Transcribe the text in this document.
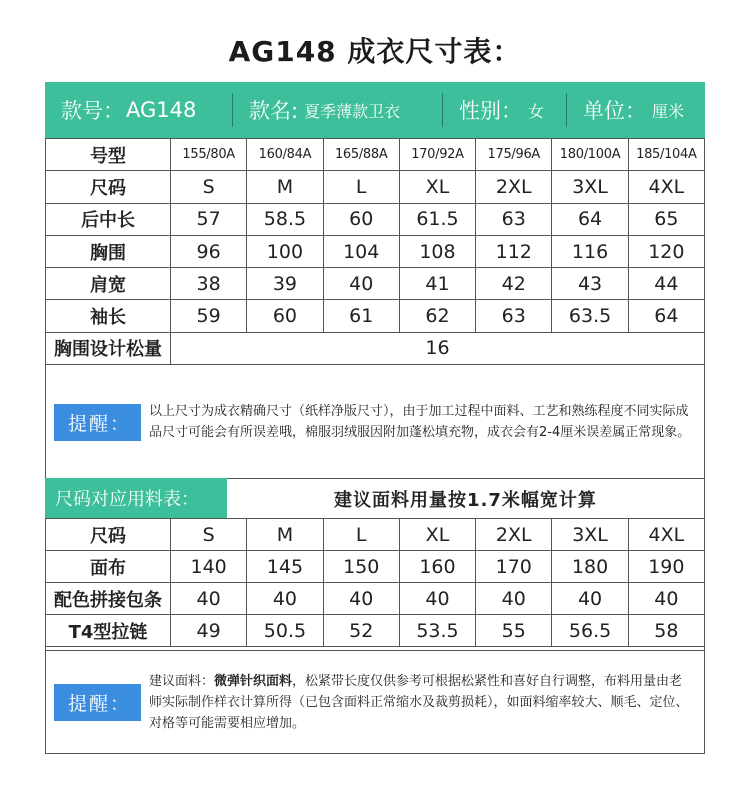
AG148 成衣尺寸表：
款号： AG148	款名: 夏季薄款卫衣	性别： 女 单位： 厘米
号型	155/80A	160/84A	165/88A	170/92A	175/96A	180/100A	185/104A
尺码	S	M	L	XL	2XL	3XL	4XL
后中长	57	58.5	60	61.5	63	64	65
胸围	96	100	104	108	112	116	120
肩宽	38	39	40	41	42	43	44
袖长	59	60	61	62	63	63.5	64
胸围设计松量	16						
提醒：
以上尺寸为成衣精确尺寸（纸样净版尺寸），由于加工过程中面料、工艺和熟练程度不同实际成品尺寸可能会有所误差哦，棉服羽绒服因附加蓬松填充物，成衣会有2-4厘米误差属正常现象。
尺码对应用料表：	建议面料用量按1.7米幅宽计算
尺码	S	M	L	XL	2XL	3XL	4XL
面布	140	145	150	160	170	180	190
配色拼接包条	40	40	40	40	40	40	40
T4型拉链	49	50.5	52	53.5	55	56.5	58
提醒：
建议面料：微弹针织面料，松紧带长度仅供参考可根据松紧性和喜好自行调整，布料用量由老师实际制作样衣计算所得（已包含面料正常缩水及裁剪损耗），如面料缩率较大、顺毛、定位、对格等可能需要相应增加。
